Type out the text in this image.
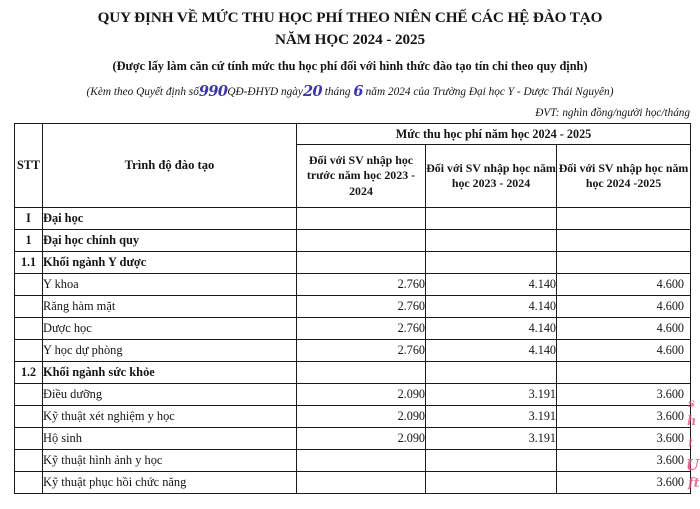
QUY ĐỊNH VỀ MỨC THU HỌC PHÍ THEO NIÊN CHẾ CÁC HỆ ĐÀO TẠO
NĂM HỌC 2024 - 2025
(Được lấy làm căn cứ tính mức thu học phí đối với hình thức đào tạo tín chỉ theo quy định)
(Kèm theo Quyết định số990QĐ-ĐHYD ngày20 tháng 6 năm 2024 của Trường Đại học Y - Dược Thái Nguyên)
ĐVT: nghìn đồng/người học/tháng
STT	Trình độ đào tạo	Mức thu học phí năm học 2024 - 2025		
		Đối với SV nhập học trước năm học 2023 - 2024	Đối với SV nhập học năm học 2023 - 2024	Đối với SV nhập học năm học 2024 -2025
I	Đại học			
1	Đại học chính quy			
1.1	Khối ngành Y dược			
	Y khoa	2.760	4.140	4.600
	Răng hàm mặt	2.760	4.140	4.600
	Dược học	2.760	4.140	4.600
	Y học dự phòng	2.760	4.140	4.600
1.2	Khối ngành sức khỏe			
	Điều dưỡng	2.090	3.191	3.600
	Kỹ thuật xét nghiệm y học	2.090	3.191	3.600
	Hộ sinh	2.090	3.191	3.600
	Kỹ thuật hình ảnh y học			3.600
	Kỹ thuật phục hồi chức năng			3.600
s
h
t
U
ft
